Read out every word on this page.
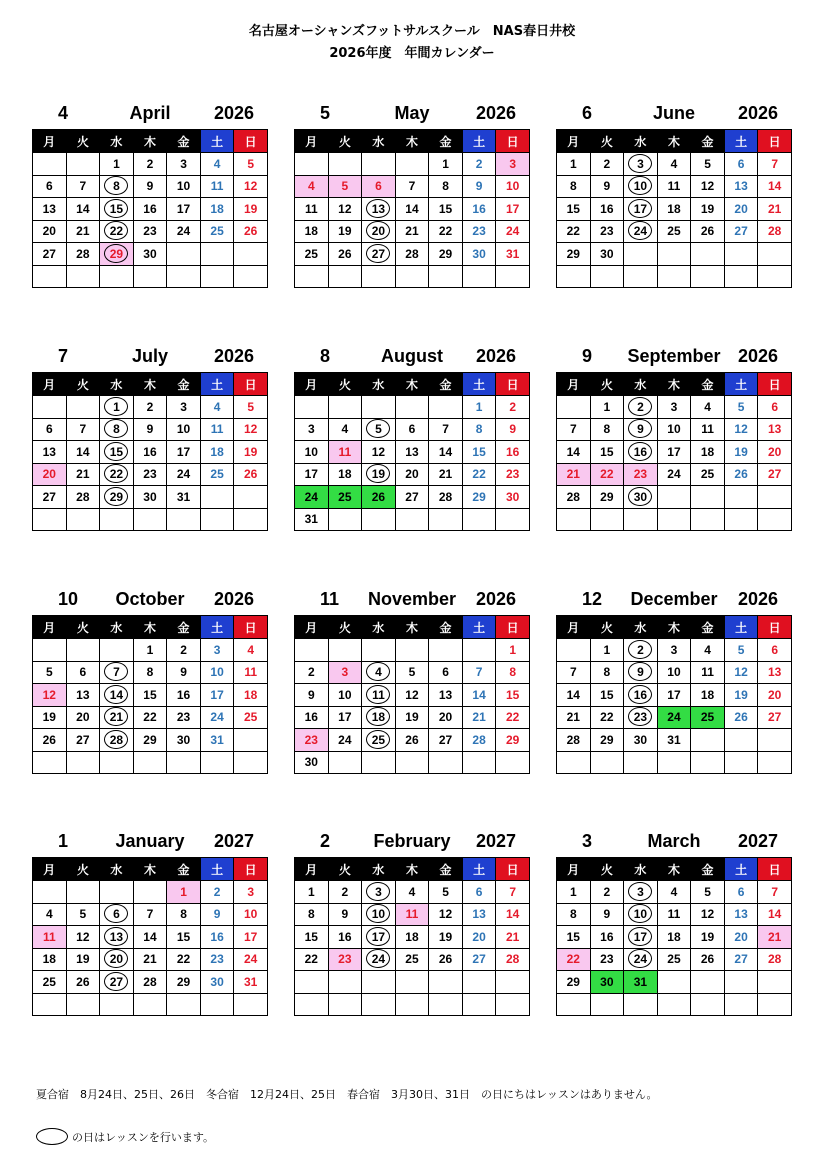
名古屋オーシャンズフットサルスクール　NAS春日井校
2026年度　年間カレンダー
4	April	2026
月	火	水	木	金	土	日
		1	2	3	4	5
6	7	8	9	10	11	12
13	14	15	16	17	18	19
20	21	22	23	24	25	26
27	28	29	30			

5	May	2026
月	火	水	木	金	土	日
				1	2	3
4	5	6	7	8	9	10
11	12	13	14	15	16	17
18	19	20	21	22	23	24
25	26	27	28	29	30	31

6	June	2026
月	火	水	木	金	土	日
1	2	3	4	5	6	7
8	9	10	11	12	13	14
15	16	17	18	19	20	21
22	23	24	25	26	27	28
29	30					

7	July	2026
月	火	水	木	金	土	日
		1	2	3	4	5
6	7	8	9	10	11	12
13	14	15	16	17	18	19
20	21	22	23	24	25	26
27	28	29	30	31		

8	August	2026
月	火	水	木	金	土	日
					1	2
3	4	5	6	7	8	9
10	11	12	13	14	15	16
17	18	19	20	21	22	23
24	25	26	27	28	29	30
31						
9	September 2026
月	火	水	木	金	土	日
	1	2	3	4	5	6
7	8	9	10	11	12	13
14	15	16	17	18	19	20
21	22	23	24	25	26	27
28	29	30				

10	October	2026
月	火	水	木	金	土	日
			1	2	3	4
5	6	7	8	9	10	11
12	13	14	15	16	17	18
19	20	21	22	23	24	25
26	27	28	29	30	31	

11	November	2026
月	火	水	木	金	土	日
						1
2	3	4	5	6	7	8
9	10	11	12	13	14	15
16	17	18	19	20	21	22
23	24	25	26	27	28	29
30						
12	December	2026
月	火	水	木	金	土	日
	1	2	3	4	5	6
7	8	9	10	11	12	13
14	15	16	17	18	19	20
21	22	23	24	25	26	27
28	29	30	31			

1	January	2027
月	火	水	木	金	土	日
				1	2	3
4	5	6	7	8	9	10
11	12	13	14	15	16	17
18	19	20	21	22	23	24
25	26	27	28	29	30	31

2	February	2027
月	火	水	木	金	土	日
1	2	3	4	5	6	7
8	9	10	11	12	13	14
15	16	17	18	19	20	21
22	23	24	25	26	27	28

3	March	2027
月	火	水	木	金	土	日
1	2	3	4	5	6	7
8	9	10	11	12	13	14
15	16	17	18	19	20	21
22	23	24	25	26	27	28
29	30	31				

夏合宿　8月24日、25日、26日　冬合宿　12月24日、25日　春合宿　3月30日、31日　の日にちはレッスンはありません。
の日はレッスンを行います。
